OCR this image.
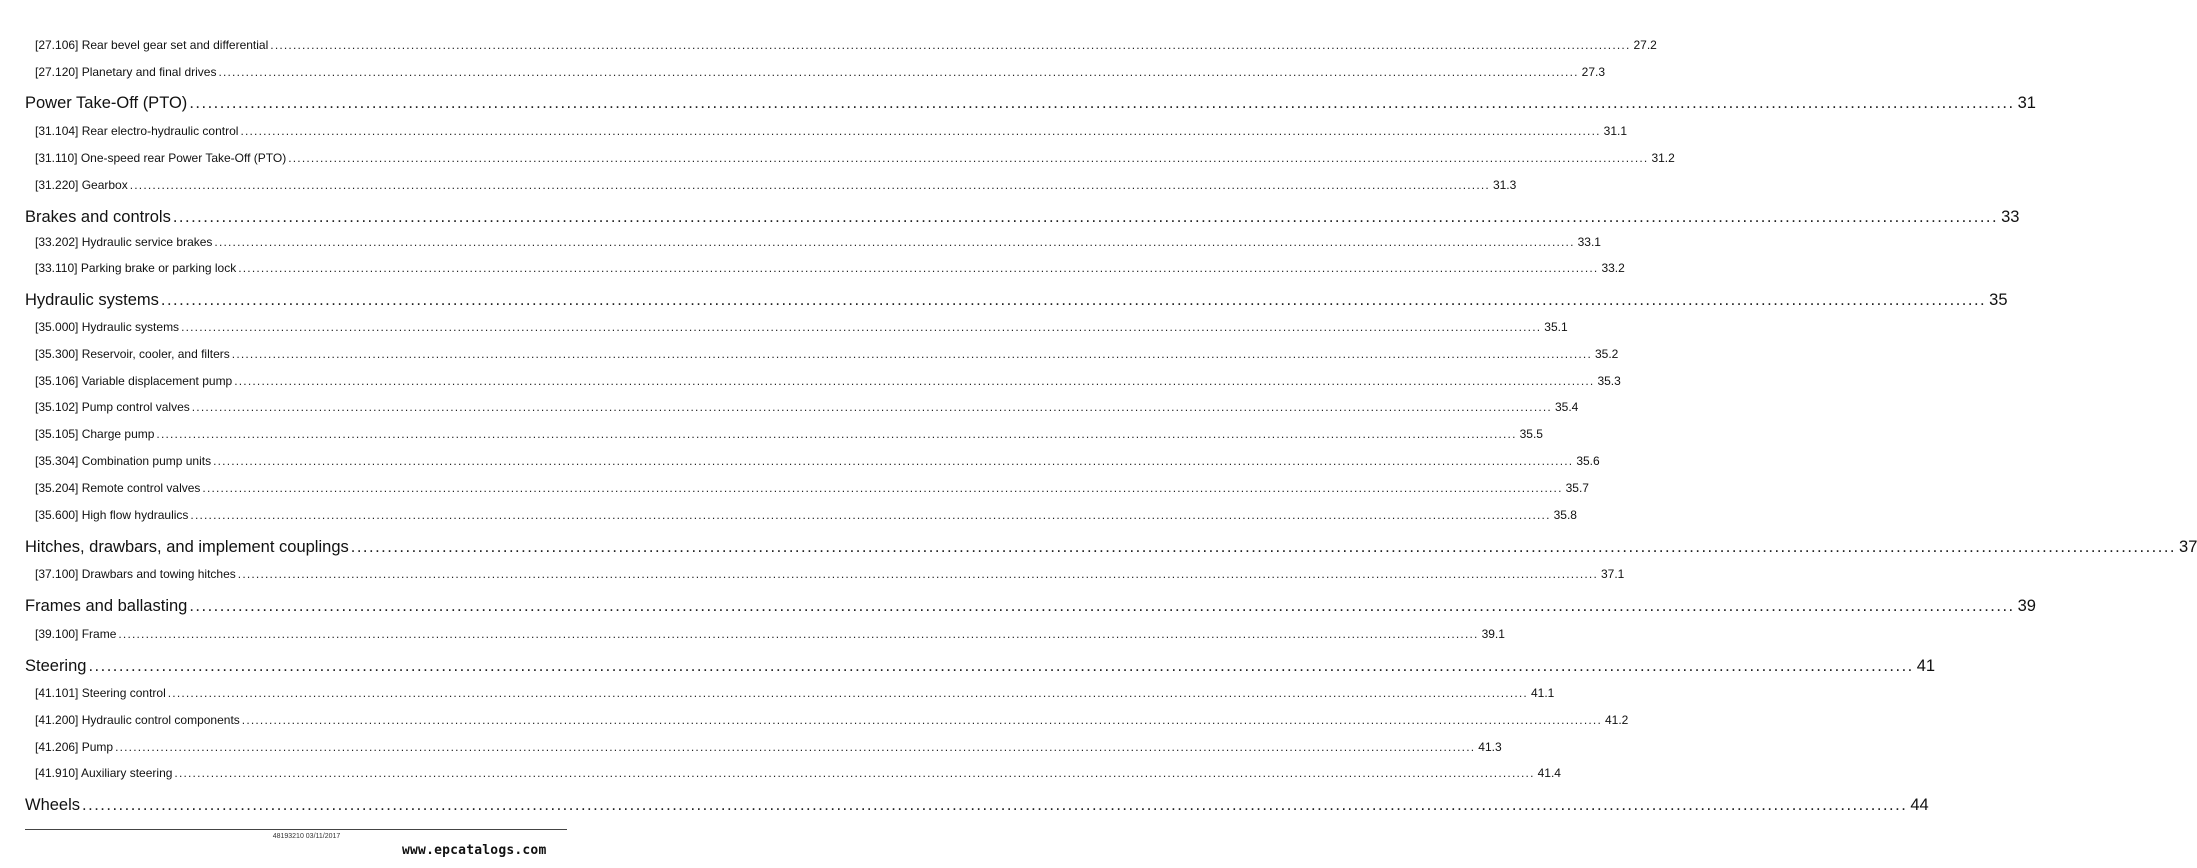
[27.106] Rear bevel gear set and differential ............................................................................................................................................................................................................................................................................................................ 27.2
[27.120] Planetary and final drives ............................................................................................................................................................................................................................................................................................................ 27.3
Power Take-Off (PTO) ............................................................................................................................................................................................................................................................................................................ 31
[31.104] Rear electro-hydraulic control ............................................................................................................................................................................................................................................................................................................ 31.1
[31.110] One-speed rear Power Take-Off (PTO) ............................................................................................................................................................................................................................................................................................................ 31.2
[31.220] Gearbox ............................................................................................................................................................................................................................................................................................................ 31.3
Brakes and controls ............................................................................................................................................................................................................................................................................................................ 33
[33.202] Hydraulic service brakes ............................................................................................................................................................................................................................................................................................................ 33.1
[33.110] Parking brake or parking lock ............................................................................................................................................................................................................................................................................................................ 33.2
Hydraulic systems ............................................................................................................................................................................................................................................................................................................ 35
[35.000] Hydraulic systems ............................................................................................................................................................................................................................................................................................................ 35.1
[35.300] Reservoir, cooler, and filters ............................................................................................................................................................................................................................................................................................................ 35.2
[35.106] Variable displacement pump ............................................................................................................................................................................................................................................................................................................ 35.3
[35.102] Pump control valves ............................................................................................................................................................................................................................................................................................................ 35.4
[35.105] Charge pump ............................................................................................................................................................................................................................................................................................................ 35.5
[35.304] Combination pump units ............................................................................................................................................................................................................................................................................................................ 35.6
[35.204] Remote control valves ............................................................................................................................................................................................................................................................................................................ 35.7
[35.600] High flow hydraulics ............................................................................................................................................................................................................................................................................................................ 35.8
Hitches, drawbars, and implement couplings ............................................................................................................................................................................................................................................................................................................ 37
[37.100] Drawbars and towing hitches ............................................................................................................................................................................................................................................................................................................ 37.1
Frames and ballasting ............................................................................................................................................................................................................................................................................................................ 39
[39.100] Frame ............................................................................................................................................................................................................................................................................................................ 39.1
Steering ............................................................................................................................................................................................................................................................................................................ 41
[41.101] Steering control ............................................................................................................................................................................................................................................................................................................ 41.1
[41.200] Hydraulic control components ............................................................................................................................................................................................................................................................................................................ 41.2
[41.206] Pump ............................................................................................................................................................................................................................................................................................................ 41.3
[41.910] Auxiliary steering ............................................................................................................................................................................................................................................................................................................ 41.4
Wheels ............................................................................................................................................................................................................................................................................................................ 44
48193210 03/11/2017
www.epcatalogs.com
